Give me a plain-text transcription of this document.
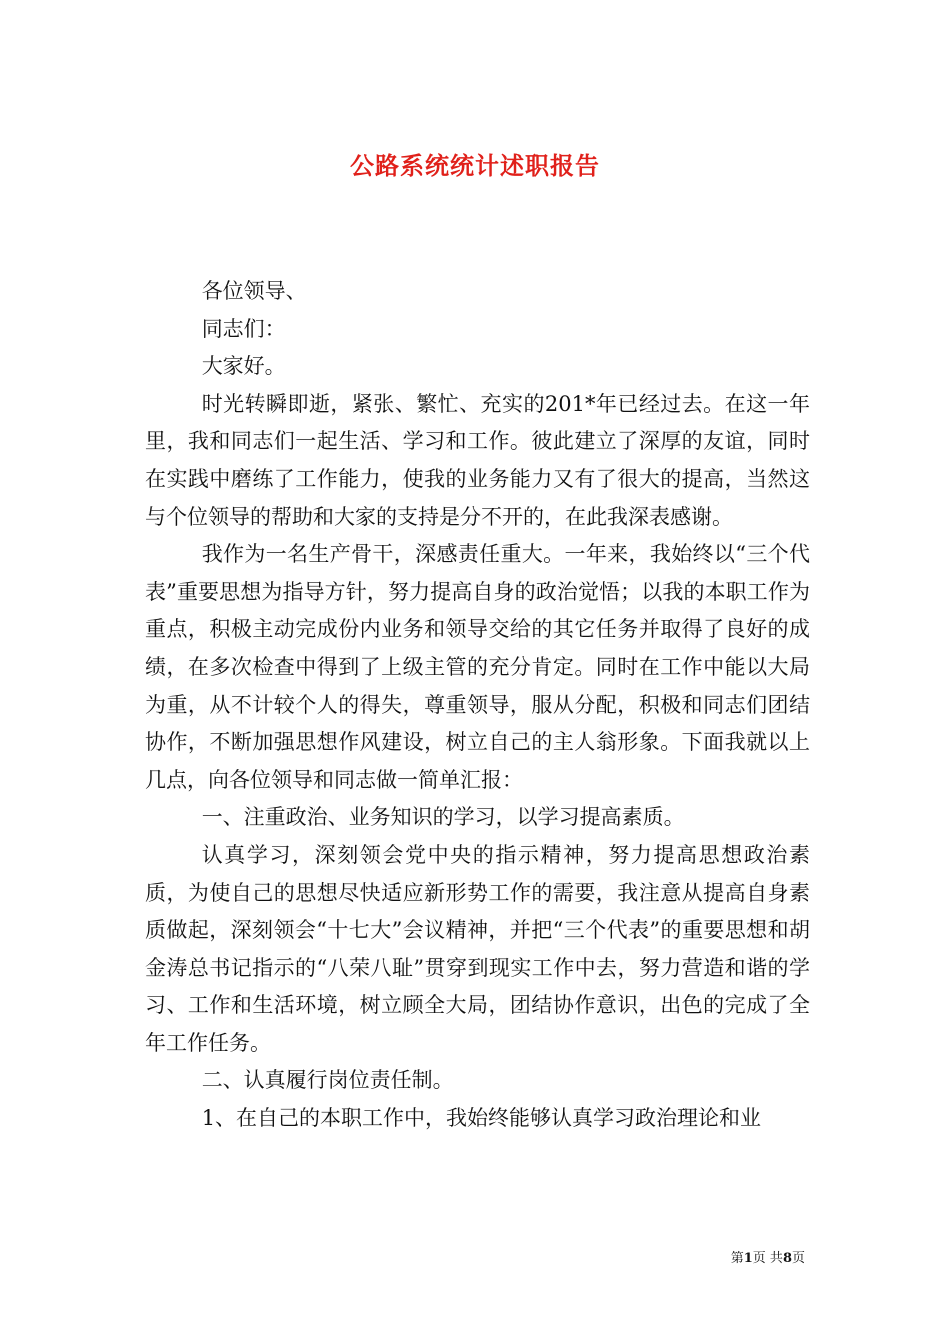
公路系统统计述职报告

各位领导、

同志们：

大家好。

时光转瞬即逝，紧张、繁忙、充实的201*年已经过去。在这一年里，我和同志们一起生活、学习和工作。彼此建立了深厚的友谊，同时在实践中磨练了工作能力，使我的业务能力又有了很大的提高，当然这与个位领导的帮助和大家的支持是分不开的，在此我深表感谢。

我作为一名生产骨干，深感责任重大。一年来，我始终以“三个代表”重要思想为指导方针，努力提高自身的政治觉悟；以我的本职工作为重点，积极主动完成份内业务和领导交给的其它任务并取得了良好的成绩，在多次检查中得到了上级主管的充分肯定。同时在工作中能以大局为重，从不计较个人的得失，尊重领导，服从分配，积极和同志们团结协作，不断加强思想作风建设，树立自己的主人翁形象。下面我就以上几点，向各位领导和同志做一简单汇报：

一、注重政治、业务知识的学习，以学习提高素质。

认真学习，深刻领会党中央的指示精神，努力提高思想政治素质，为使自己的思想尽快适应新形势工作的需要，我注意从提高自身素质做起，深刻领会“十七大”会议精神，并把“三个代表”的重要思想和胡金涛总书记指示的“八荣八耻”贯穿到现实工作中去，努力营造和谐的学习、工作和生活环境，树立顾全大局，团结协作意识，出色的完成了全年工作任务。

二、认真履行岗位责任制。

1、在自己的本职工作中，我始终能够认真学习政治理论和业

第1页 共8页
